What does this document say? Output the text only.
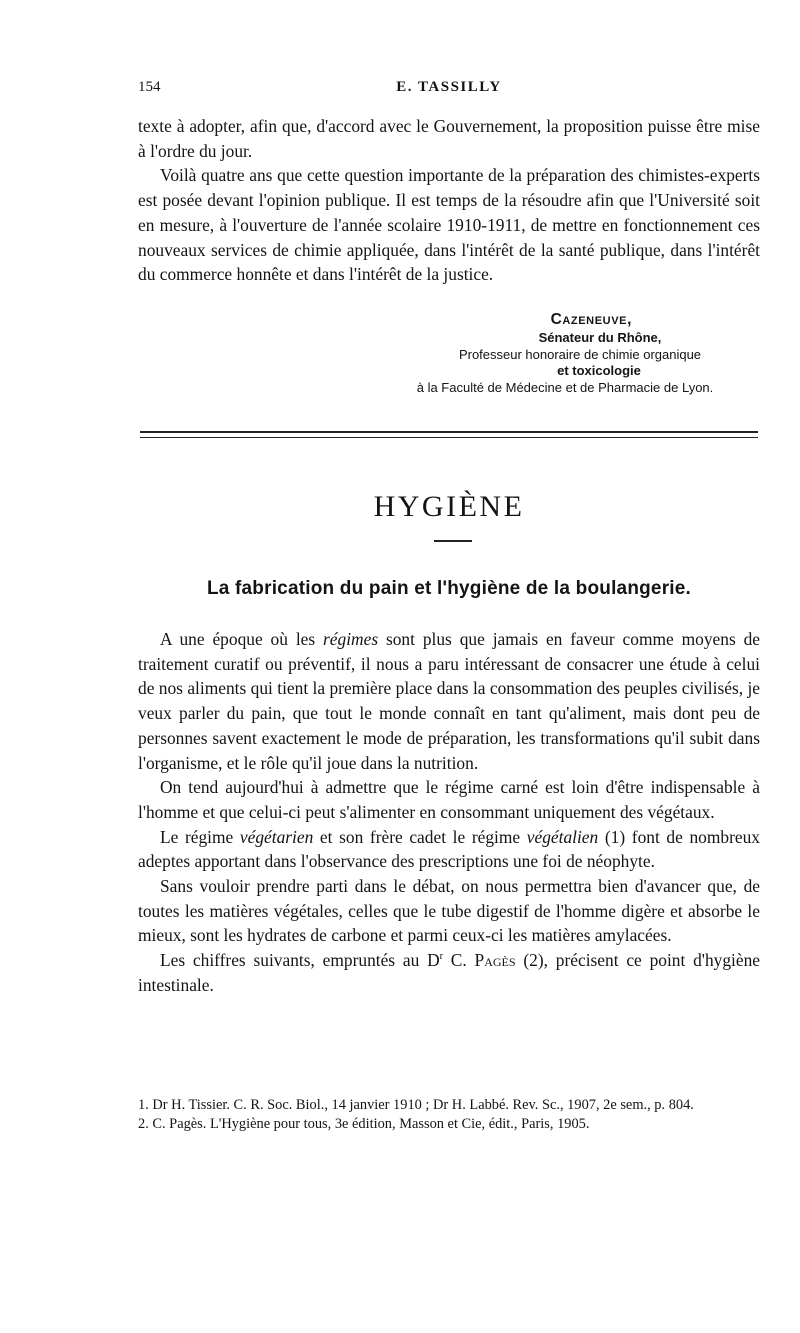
154	E. TASSILLY

texte à adopter, afin que, d'accord avec le Gouvernement, la proposition puisse être mise à l'ordre du jour.

Voilà quatre ans que cette question importante de la préparation des chimistes-experts est posée devant l'opinion publique. Il est temps de la résoudre afin que l'Université soit en mesure, à l'ouverture de l'année scolaire 1910-1911, de mettre en fonctionnement ces nouveaux services de chimie appliquée, dans l'intérêt de la santé publique, dans l'intérêt du commerce honnête et dans l'intérêt de la justice.

Cazeneuve,
Sénateur du Rhône,
Professeur honoraire de chimie organique
et toxicologie
à la Faculté de Médecine et de Pharmacie de Lyon.
HYGIÈNE
La fabrication du pain et l'hygiène de la boulangerie.

A une époque où les régimes sont plus que jamais en faveur comme moyens de traitement curatif ou préventif, il nous a paru intéressant de consacrer une étude à celui de nos aliments qui tient la première place dans la consommation des peuples civilisés, je veux parler du pain, que tout le monde connaît en tant qu'aliment, mais dont peu de personnes savent exactement le mode de préparation, les transformations qu'il subit dans l'organisme, et le rôle qu'il joue dans la nutrition.

On tend aujourd'hui à admettre que le régime carné est loin d'être indispensable à l'homme et que celui-ci peut s'alimenter en consommant uniquement des végétaux.

Le régime végétarien et son frère cadet le régime végétalien (1) font de nombreux adeptes apportant dans l'observance des prescriptions une foi de néophyte.

Sans vouloir prendre parti dans le débat, on nous permettra bien d'avancer que, de toutes les matières végétales, celles que le tube digestif de l'homme digère et absorbe le mieux, sont les hydrates de carbone et parmi ceux-ci les matières amylacées.

Les chiffres suivants, empruntés au $D^r$ C. Pagès (2), précisent ce point d'hygiène intestinale.

1. Dr H. Tissier. C. R. Soc. Biol., 14 janvier 1910 ; Dr H. Labbé. Rev. Sc., 1907, 2e sem., p. 804.

2. C. Pagès. L'Hygiène pour tous, 3e édition, Masson et Cie, édit., Paris, 1905.
